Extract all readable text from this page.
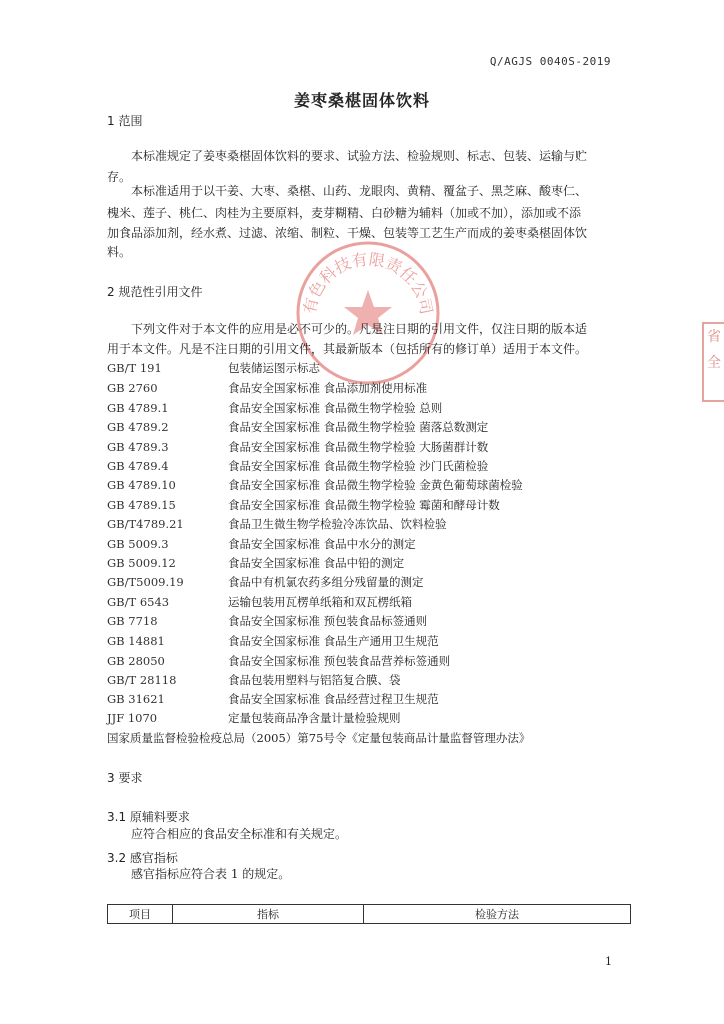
Q/AGJS 0040S-2019
姜枣桑椹固体饮料
1 范围
本标准规定了姜枣桑椹固体饮料的要求、试验方法、检验规则、标志、包装、运输与贮
存。
本标准适用于以干姜、大枣、桑椹、山药、龙眼肉、黄精、覆盆子、黑芝麻、酸枣仁、
槐米、莲子、桃仁、肉桂为主要原料，麦芽糊精、白砂糖为辅料（加或不加），添加或不添
加食品添加剂，经水煮、过滤、浓缩、制粒、干燥、包装等工艺生产而成的姜枣桑椹固体饮
料。
有色科技有限责任公司
2 规范性引用文件
下列文件对于本文件的应用是必不可少的。凡是注日期的引用文件，仅注日期的版本适
用于本文件。凡是不注日期的引用文件，其最新版本（包括所有的修订单）适用于本文件。
GB/T 191	包装储运图示标志
GB 2760	食品安全国家标准 食品添加剂使用标准
GB 4789.1	食品安全国家标准 食品微生物学检验 总则
GB 4789.2	食品安全国家标准 食品微生物学检验 菌落总数测定
GB 4789.3	食品安全国家标准 食品微生物学检验 大肠菌群计数
GB 4789.4	食品安全国家标准 食品微生物学检验 沙门氏菌检验
GB 4789.10	食品安全国家标准 食品微生物学检验 金黄色葡萄球菌检验
GB 4789.15	食品安全国家标准 食品微生物学检验 霉菌和酵母计数
GB/T4789.21	食品卫生微生物学检验冷冻饮品、饮料检验
GB 5009.3	食品安全国家标准 食品中水分的测定
GB 5009.12	食品安全国家标准 食品中铅的测定
GB/T5009.19	食品中有机氯农药多组分残留量的测定
GB/T 6543	运输包装用瓦楞单纸箱和双瓦楞纸箱
GB 7718	食品安全国家标准 预包装食品标签通则
GB 14881	食品安全国家标准 食品生产通用卫生规范
GB 28050	食品安全国家标准 预包装食品营养标签通则
GB/T 28118	食品包装用塑料与铝箔复合膜、袋
GB 31621	食品安全国家标准 食品经营过程卫生规范
JJF 1070	定量包装商品净含量计量检验规则
国家质量监督检验检疫总局（2005）第75号令《定量包装商品计量监督管理办法》
3 要求
3.1 原辅料要求
应符合相应的食品安全标准和有关规定。
3.2 感官指标
感官指标应符合表 1 的规定。
项目	指标	检验方法
省
全
1
